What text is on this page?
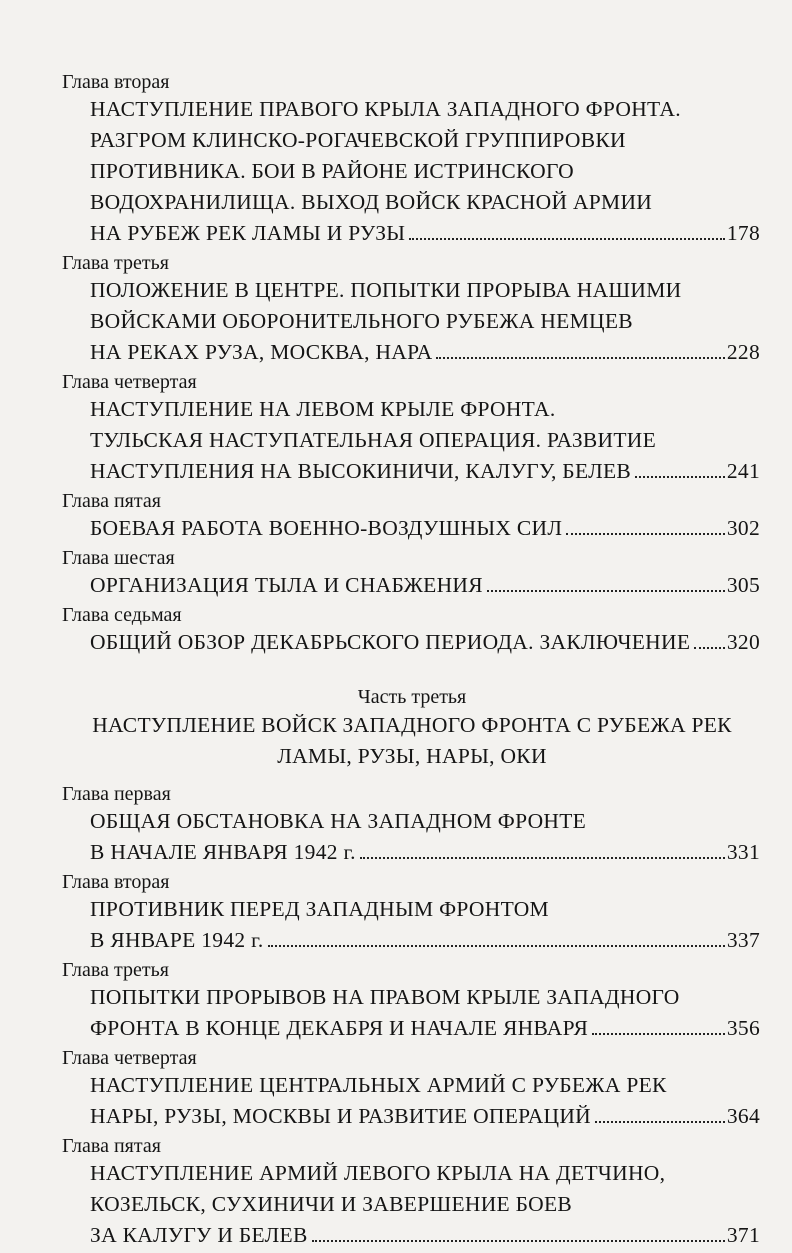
Глава вторая
НАСТУПЛЕНИЕ ПРАВОГО КРЫЛА ЗАПАДНОГО ФРОНТА.
РАЗГРОМ КЛИНСКО-РОГАЧЕВСКОЙ ГРУППИРОВКИ
ПРОТИВНИКА. БОИ В РАЙОНЕ ИСТРИНСКОГО
ВОДОХРАНИЛИЩА. ВЫХОД ВОЙСК КРАСНОЙ АРМИИ
НА РУБЕЖ РЕК ЛАМЫ И РУЗЫ	178
Глава третья
ПОЛОЖЕНИЕ В ЦЕНТРЕ. ПОПЫТКИ ПРОРЫВА НАШИМИ
ВОЙСКАМИ ОБОРОНИТЕЛЬНОГО РУБЕЖА НЕМЦЕВ
НА РЕКАХ РУЗА, МОСКВА, НАРА	228
Глава четвертая
НАСТУПЛЕНИЕ НА ЛЕВОМ КРЫЛЕ ФРОНТА.
ТУЛЬСКАЯ НАСТУПАТЕЛЬНАЯ ОПЕРАЦИЯ. РАЗВИТИЕ
НАСТУПЛЕНИЯ НА ВЫСОКИНИЧИ, КАЛУГУ, БЕЛЕВ	241
Глава пятая
БОЕВАЯ РАБОТА ВОЕННО-ВОЗДУШНЫХ СИЛ	302
Глава шестая
ОРГАНИЗАЦИЯ ТЫЛА И СНАБЖЕНИЯ	305
Глава седьмая
ОБЩИЙ ОБЗОР ДЕКАБРЬСКОГО ПЕРИОДА. ЗАКЛЮЧЕНИЕ 320
Часть третья
НАСТУПЛЕНИЕ ВОЙСК ЗАПАДНОГО ФРОНТА С РУБЕЖА РЕК
ЛАМЫ, РУЗЫ, НАРЫ, ОКИ
Глава первая
ОБЩАЯ ОБСТАНОВКА НА ЗАПАДНОМ ФРОНТЕ
В НАЧАЛЕ ЯНВАРЯ 1942 г.	331
Глава вторая
ПРОТИВНИК ПЕРЕД ЗАПАДНЫМ ФРОНТОМ
В ЯНВАРЕ 1942 г.	337
Глава третья
ПОПЫТКИ ПРОРЫВОВ НА ПРАВОМ КРЫЛЕ ЗАПАДНОГО
ФРОНТА В КОНЦЕ ДЕКАБРЯ И НАЧАЛЕ ЯНВАРЯ	356
Глава четвертая
НАСТУПЛЕНИЕ ЦЕНТРАЛЬНЫХ АРМИЙ С РУБЕЖА РЕК
НАРЫ, РУЗЫ, МОСКВЫ И РАЗВИТИЕ ОПЕРАЦИЙ	364
Глава пятая
НАСТУПЛЕНИЕ АРМИЙ ЛЕВОГО КРЫЛА НА ДЕТЧИНО,
КОЗЕЛЬСК, СУХИНИЧИ И ЗАВЕРШЕНИЕ БОЕВ
ЗА КАЛУГУ И БЕЛЕВ	371
